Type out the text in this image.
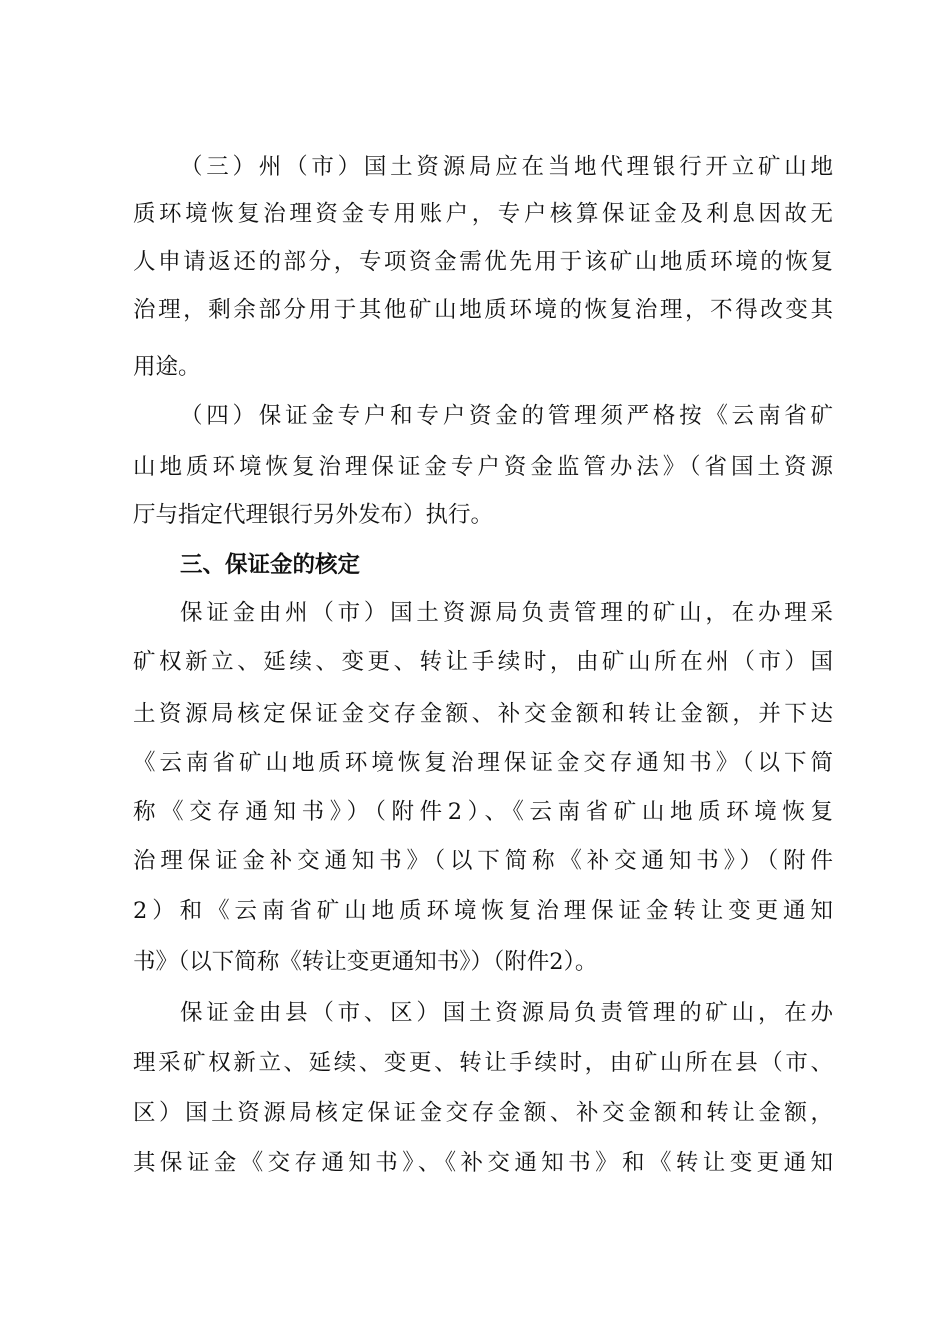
（三）州（市）国土资源局应在当地代理银行开立矿山地
质环境恢复治理资金专用账户，专户核算保证金及利息因故无
人申请返还的部分，专项资金需优先用于该矿山地质环境的恢复
治理，剩余部分用于其他矿山地质环境的恢复治理，不得改变其
用途。
（四）保证金专户和专户资金的管理须严格按《云南省矿
山地质环境恢复治理保证金专户资金监管办法》（省国土资源
厅与指定代理银行另外发布）执行。
三、保证金的核定
保证金由州（市）国土资源局负责管理的矿山，在办理采
矿权新立、延续、变更、转让手续时，由矿山所在州（市）国
土资源局核定保证金交存金额、补交金额和转让金额，并下达
《云南省矿山地质环境恢复治理保证金交存通知书》（以下简
称《交存通知书》）（附件2）、《云南省矿山地质环境恢复
治理保证金补交通知书》（以下简称《补交通知书》）（附件
2）和《云南省矿山地质环境恢复治理保证金转让变更通知
书》（以下简称《转让变更通知书》）（附件2）。
保证金由县（市、区）国土资源局负责管理的矿山，在办
理采矿权新立、延续、变更、转让手续时，由矿山所在县（市、
区）国土资源局核定保证金交存金额、补交金额和转让金额，
其保证金《交存通知书》、《补交通知书》和《转让变更通知
